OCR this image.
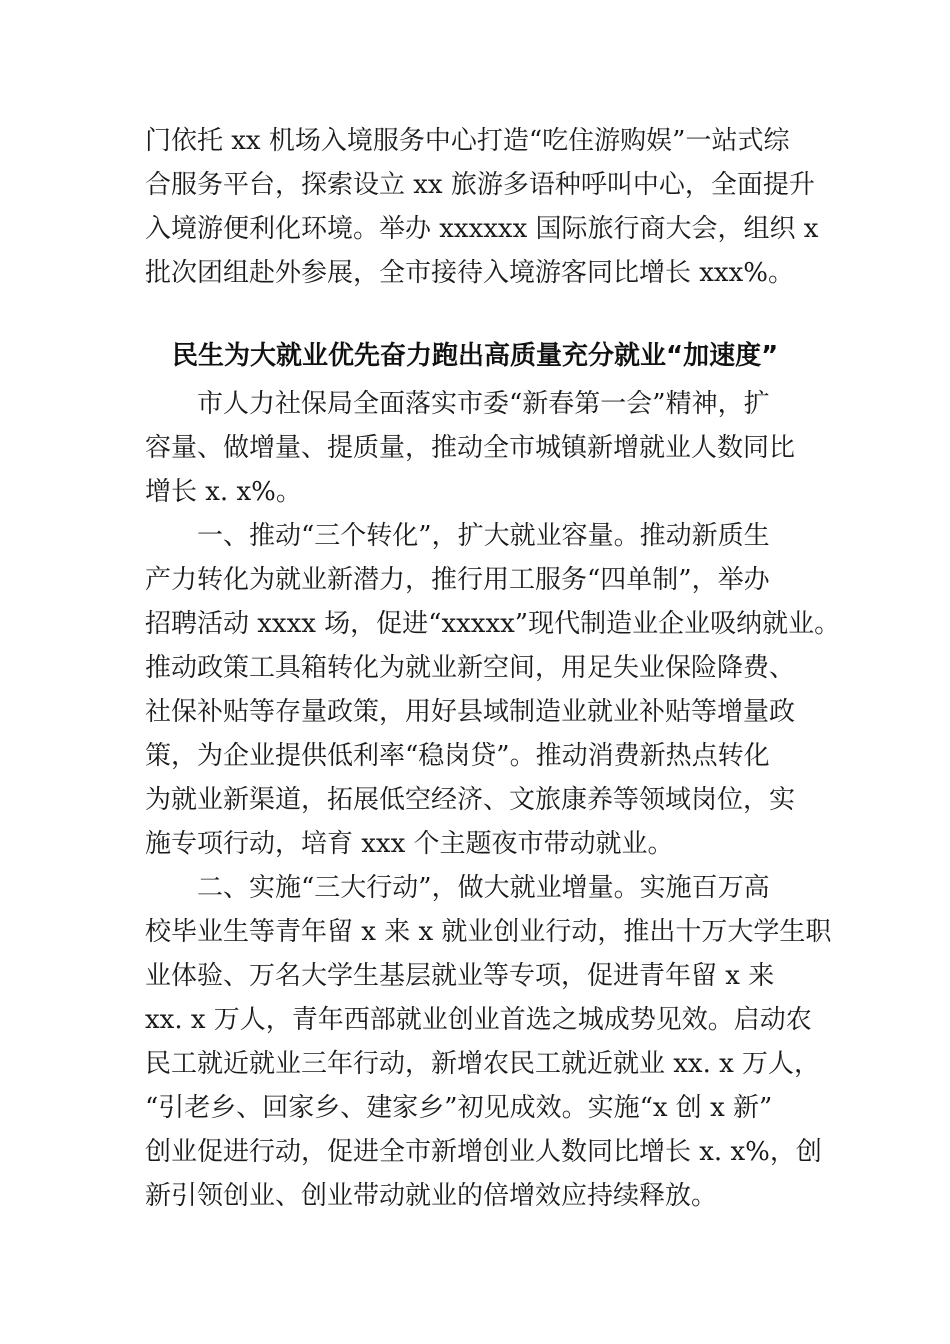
门依托 xx 机场入境服务中心打造“吃住游购娱”一站式综
合服务平台，探索设立 xx 旅游多语种呼叫中心，全面提升
入境游便利化环境。举办 xxxxxx 国际旅行商大会，组织 x
批次团组赴外参展，全市接待入境游客同比增长 xxx%。
民生为大就业优先奋力跑出高质量充分就业“加速度”
　　市人力社保局全面落实市委“新春第一会”精神，扩
容量、做增量、提质量，推动全市城镇新增就业人数同比
增长 x. x%。
　　一、推动“三个转化”，扩大就业容量。推动新质生
产力转化为就业新潜力，推行用工服务“四单制”，举办
招聘活动 xxxx 场，促进“xxxxx”现代制造业企业吸纳就业。
推动政策工具箱转化为就业新空间，用足失业保险降费、
社保补贴等存量政策，用好县域制造业就业补贴等增量政
策，为企业提供低利率“稳岗贷”。推动消费新热点转化
为就业新渠道，拓展低空经济、文旅康养等领域岗位，实
施专项行动，培育 xxx 个主题夜市带动就业。
　　二、实施“三大行动”，做大就业增量。实施百万高
校毕业生等青年留 x 来 x 就业创业行动，推出十万大学生职
业体验、万名大学生基层就业等专项，促进青年留 x 来
xx. x 万人，青年西部就业创业首选之城成势见效。启动农
民工就近就业三年行动，新增农民工就近就业 xx. x 万人，
“引老乡、回家乡、建家乡”初见成效。实施“x 创 x 新”
创业促进行动，促进全市新增创业人数同比增长 x. x%，创
新引领创业、创业带动就业的倍增效应持续释放。
